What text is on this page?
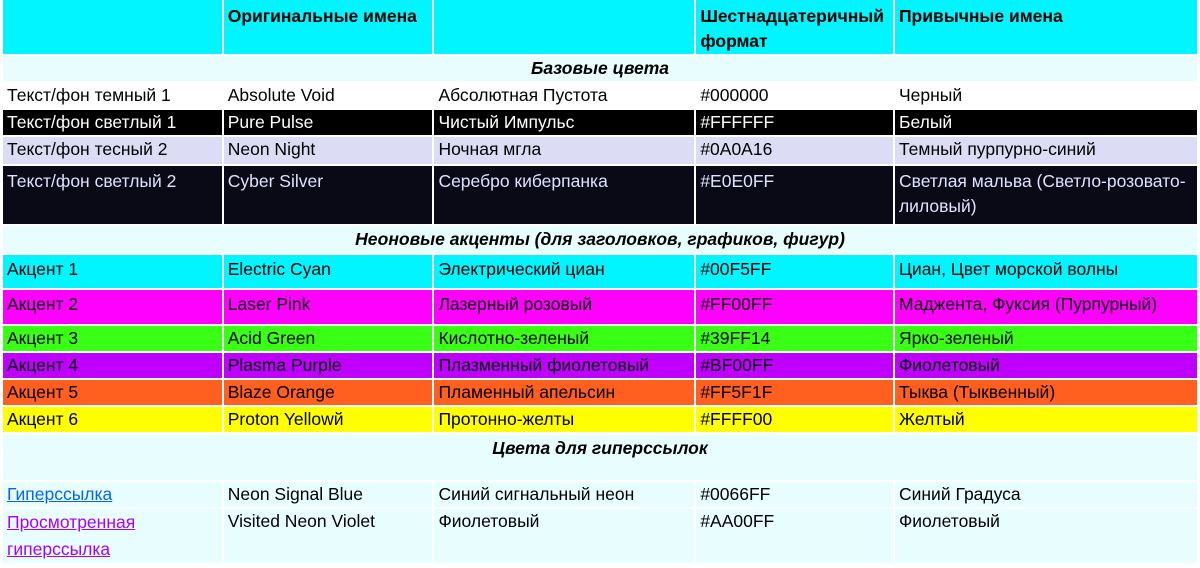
	Оригинальные имена		Шестнадцатеричный формат	Привычные имена
Базовые цвета				
Текст/фон темный 1	Absolute Void	Абсолютная Пустота	#000000	Черный
Текст/фон светлый 1	Pure Pulse	Чистый Импульс	#FFFFFF	Белый
Текст/фон тесный 2	Neon Night	Ночная мгла	#0A0A16	Темный пурпурно-синий
Текст/фон светлый 2	Cyber Silver	Серебро киберпанка	#E0E0FF	Светлая мальва (Светло-розовато-лиловый)
Неоновые акценты (для заголовков, графиков, фигур)				
Акцент 1	Electric Cyan	Электрический циан	#00F5FF	Циан, Цвет морской волны
Акцент 2	Laser Pink	Лазерный розовый	#FF00FF	Маджента, Фуксия (Пурпурный)
Акцент 3	Acid Green	Кислотно-зеленый	#39FF14	Ярко-зеленый
Акцент 4	Plasma Purple	Плазменный фиолетовый	#BF00FF	Фиолетовый
Акцент 5	Blaze Orange	Пламенный апельсин	#FF5F1F	Тыква (Тыквенный)
Акцент 6	Proton Yellowй	Протонно-желты	#FFFF00	Желтый
Цвета для гиперссылок				
Гиперссылка	Neon Signal Blue	Синий сигнальный неон	#0066FF	Синий Градуса
Просмотренная гиперссылка	Visited Neon Violet	Фиолетовый	#AA00FF	Фиолетовый
